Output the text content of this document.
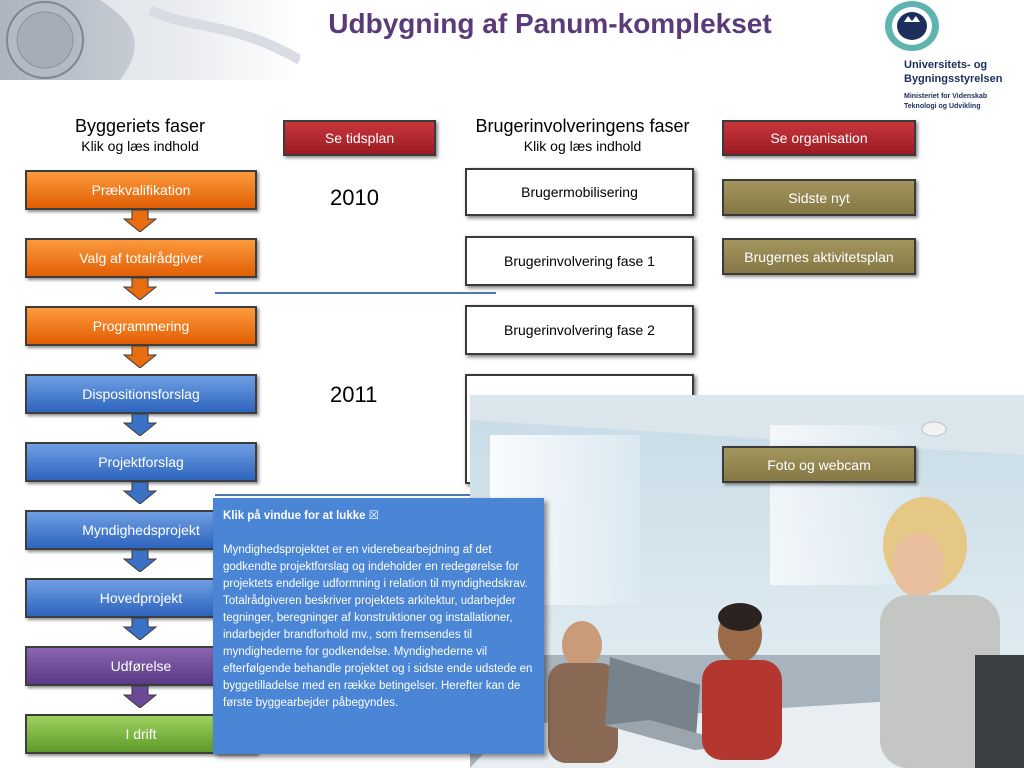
Udbygning af Panum-komplekset
Universitets- og
Bygningsstyrelsen
Ministeriet for Videnskab
Teknologi og Udvikling
Byggeriets faser
Klik og læs indhold
Brugerinvolveringens faser
Klik og læs indhold
Prækvalifikation
Valg af totalrådgiver
Programmering
Dispositionsforslag
Projektforslag
Myndighedsprojekt
Hovedprojekt
Udførelse
I drift
Se tidsplan	Se organisation
2010
2011
Brugermobilisering
Brugerinvolvering fase 1
Brugerinvolvering fase 2
Sidste nyt
Brugernes aktivitetsplan
Foto og webcam
Klik på vindue for at lukke ☒
Myndighedsprojektet er en viderebearbejdning af det godkendte projektforslag og indeholder en redegørelse for projektets endelige udformning i relation til myndighedskrav. Totalrådgiveren beskriver projektets arkitektur, udarbejder tegninger, beregninger af konstruktioner og installationer, indarbejder brandforhold mv., som fremsendes til myndighederne for godkendelse. Myndighederne vil efterfølgende behandle projektet og i sidste ende udstede en byggetilladelse med en række betingelser. Herefter kan de første byggearbejder påbegyndes.
